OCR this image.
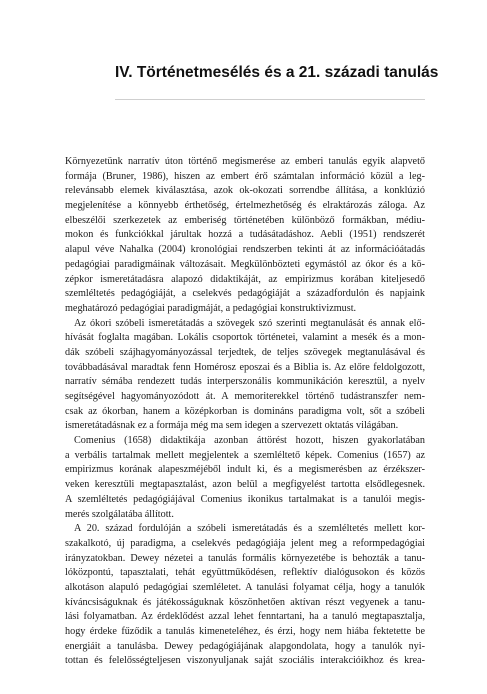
IV. Történetmesélés és a 21. századi tanulás
Környezetünk narratív úton történő megismerése az emberi tanulás egyik alapvető
formája (Bruner, 1986), hiszen az embert érő számtalan információ közül a leg-
relevánsabb elemek kiválasztása, azok ok-okozati sorrendbe állítása, a konklúzió
megjelenítése a könnyebb érthetőség, értelmezhetőség és elraktározás záloga. Az
elbeszélői szerkezetek az emberiség történetében különböző formákban, médiu-
mokon és funkciókkal járultak hozzá a tudásátadáshoz. Aebli (1951) rendszerét
alapul véve Nahalka (2004) kronológiai rendszerben tekinti át az információátadás
pedagógiai paradigmáinak változásait. Megkülönbözteti egymástól az ókor és a kö-
zépkor ismeretátadásra alapozó didaktikáját, az empirizmus korában kiteljesedő
szemléltetés pedagógiáját, a cselekvés pedagógiáját a századfordulón és napjaink
meghatározó pedagógiai paradigmáját, a pedagógiai konstruktivizmust.
Az ókori szóbeli ismeretátadás a szövegek szó szerinti megtanulását és annak elő-
hívását foglalta magában. Lokális csoportok történetei, valamint a mesék és a mon-
dák szóbeli szájhagyományozással terjedtek, de teljes szövegek megtanulásával és
továbbadásával maradtak fenn Homérosz eposzai és a Biblia is. Az előre feldolgozott,
narratív sémába rendezett tudás interperszonális kommunikáción keresztül, a nyelv
segítségével hagyományozódott át. A memoriterekkel történő tudástranszfer nem-
csak az ókorban, hanem a középkorban is domináns paradigma volt, sőt a szóbeli
ismeretátadásnak ez a formája még ma sem idegen a szervezett oktatás világában.
Comenius (1658) didaktikája azonban áttörést hozott, hiszen gyakorlatában
a verbális tartalmak mellett megjelentek a szemléltető képek. Comenius (1657) az
empirizmus korának alapeszméjéből indult ki, és a megismerésben az érzékszer-
veken keresztüli megtapasztalást, azon belül a megfigyelést tartotta elsődlegesnek.
A szemléltetés pedagógiájával Comenius ikonikus tartalmakat is a tanulói megis-
merés szolgálatába állított.
A 20. század fordulóján a szóbeli ismeretátadás és a szemléltetés mellett kor-
szakalkotó, új paradigma, a cselekvés pedagógiája jelent meg a reformpedagógiai
irányzatokban. Dewey nézetei a tanulás formális környezetébe is behozták a tanu-
lóközpontú, tapasztalati, tehát együttműködésen, reflektív dialógusokon és közös
alkotáson alapuló pedagógiai szemléletet. A tanulási folyamat célja, hogy a tanulók
kíváncsiságuknak és játékosságuknak köszönhetően aktívan részt vegyenek a tanu-
lási folyamatban. Az érdeklődést azzal lehet fenntartani, ha a tanuló megtapasztalja,
hogy érdeke fűződik a tanulás kimeneteléhez, és érzi, hogy nem hiába fektetette be
energiáit a tanulásba. Dewey pedagógiájának alapgondolata, hogy a tanulók nyi-
tottan és felelősségteljesen viszonyuljanak saját szociális interakcióikhoz és krea-
